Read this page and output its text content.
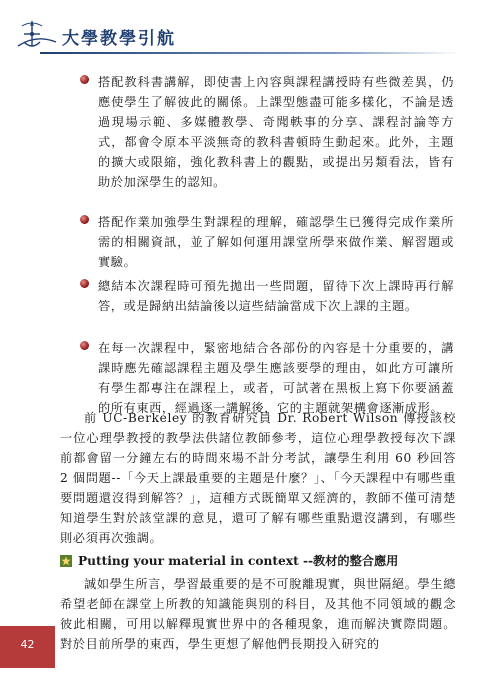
大學教學引航
搭配教科書講解，即使書上內容與課程講授時有些微差異，仍應使學生了解彼此的關係。上課型態盡可能多樣化，不論是透過現場示範、多媒體教學、奇聞軼事的分享、課程討論等方式，都會令原本平淡無奇的教科書頓時生動起來。此外，主題的擴大或限縮，強化教科書上的觀點，或提出另類看法，皆有助於加深學生的認知。
搭配作業加強學生對課程的理解，確認學生已獲得完成作業所需的相關資訊，並了解如何運用課堂所學來做作業、解習題或實驗。
總結本次課程時可預先拋出一些問題，留待下次上課時再行解答，或是歸納出結論後以這些結論當成下次上課的主題。
在每一次課程中，緊密地結合各部份的內容是十分重要的，講課時應先確認課程主題及學生應該要學的理由，如此方可讓所有學生都專注在課程上，或者，可試著在黑板上寫下你要涵蓋的所有東西，經過逐一講解後，它的主題就架構會逐漸成形。
前 UC-Berkeley 的教育研究員 Dr. Robert Wilson 傳授該校一位心理學教授的教學法供諸位教師參考，這位心理學教授每次下課前都會留一分鐘左右的時間來場不計分考試，讓學生利用 60 秒回答 2 個問題--「今天上課最重要的主題是什麼？」、「今天課程中有哪些重要問題還沒得到解答？」，這種方式既簡單又經濟的，教師不僅可清楚知道學生對於該堂課的意見，還可了解有哪些重點還沒講到，有哪些則必須再次強調。
Putting your material in context --教材的整合應用
誠如學生所言，學習最重要的是不可脫離現實，與世隔絕。學生總希望老師在課堂上所教的知識能與別的科目，及其他不同領域的觀念彼此相關，可用以解釋現實世界中的各種現象，進而解決實際問題。對於目前所學的東西，學生更想了解他們長期投入研究的
42
